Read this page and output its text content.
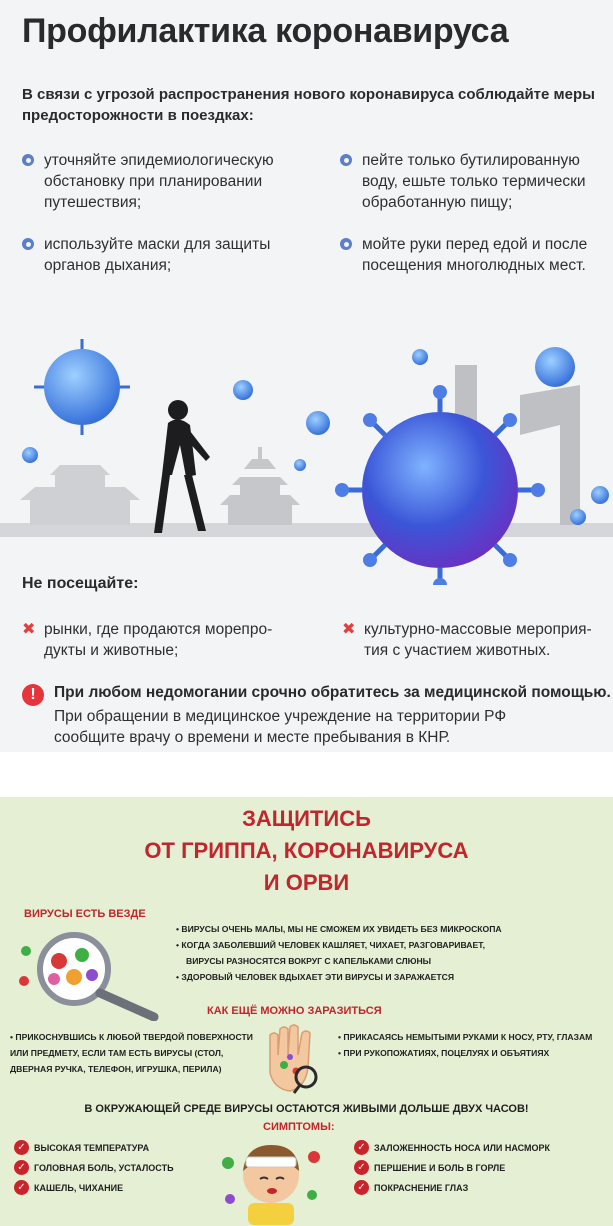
Профилактика коронавируса

В связи с угрозой распространения нового коронавируса соблюдайте меры предосторожности в поездках:

уточняйте эпидемиологическую обстановку при планировании путешествия;
пейте только бутилированную воду, ешьте только термически обработанную пищу;
используйте маски для защиты органов дыхания;
мойте руки перед едой и после посещения многолюдных мест.
Не посещайте:
✖ рынки, где продаются морепро-дукты и животные;
✖ культурно-массовые мероприя-тия с участием животных.
!	При любом недомогании срочно обратитесь за медицинской помощью.

При обращении в медицинское учреждение на территории РФ сообщите врачу о времени и месте пребывания в КНР.

ЗАЩИТИСЬ
ОТ ГРИППА, КОРОНАВИРУСА
И ОРВИ
ВИРУСЫ ЕСТЬ ВЕЗДЕ
• ВИРУСЫ ОЧЕНЬ МАЛЫ, МЫ НЕ СМОЖЕМ ИХ УВИДЕТЬ БЕЗ МИКРОСКОПА
• КОГДА ЗАБОЛЕВШИЙ ЧЕЛОВЕК КАШЛЯЕТ, ЧИХАЕТ, РАЗГОВАРИВАЕТ,
ВИРУСЫ РАЗНОСЯТСЯ ВОКРУГ С КАПЕЛЬКАМИ СЛЮНЫ
• ЗДОРОВЫЙ ЧЕЛОВЕК ВДЫХАЕТ ЭТИ ВИРУСЫ И ЗАРАЖАЕТСЯ
КАК ЕЩЁ МОЖНО ЗАРАЗИТЬСЯ
• ПРИКОСНУВШИСЬ К ЛЮБОЙ ТВЕРДОЙ ПОВЕРХНОСТИ ИЛИ ПРЕДМЕТУ, ЕСЛИ ТАМ ЕСТЬ ВИРУСЫ (СТОЛ, ДВЕРНАЯ РУЧКА, ТЕЛЕФОН, ИГРУШКА, ПЕРИЛА)
• ПРИКАСАЯСЬ НЕМЫТЫМИ РУКАМИ К НОСУ, РТУ, ГЛАЗАМ
• ПРИ РУКОПОЖАТИЯХ, ПОЦЕЛУЯХ И ОБЪЯТИЯХ
В ОКРУЖАЮЩЕЙ СРЕДЕ ВИРУСЫ ОСТАЮТСЯ ЖИВЫМИ ДОЛЬШЕ ДВУХ ЧАСОВ!
СИМПТОМЫ:
✓ ВЫСОКАЯ ТЕМПЕРАТУРА
✓ ГОЛОВНАЯ БОЛЬ, УСТАЛОСТЬ
✓ КАШЕЛЬ, ЧИХАНИЕ
✓ ЗАЛОЖЕННОСТЬ НОСА ИЛИ НАСМОРК
✓ ПЕРШЕНИЕ И БОЛЬ В ГОРЛЕ
✓ ПОКРАСНЕНИЕ ГЛАЗ
